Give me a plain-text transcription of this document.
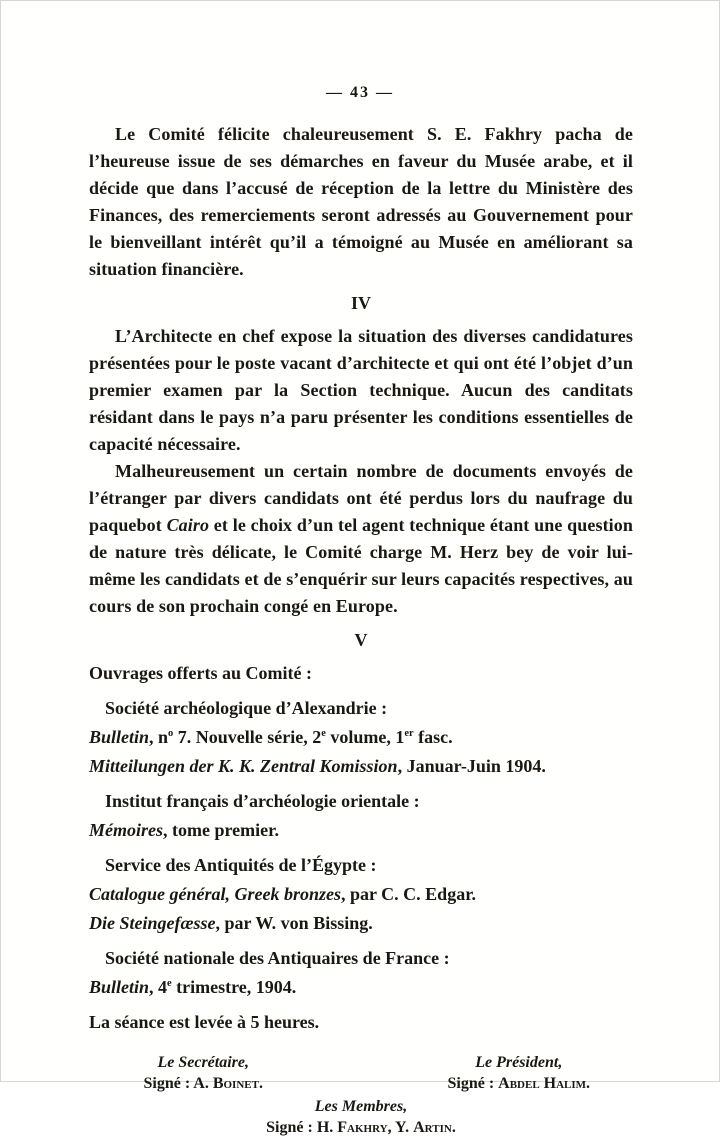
— 43 —

Le Comité félicite chaleureusement S. E. Fakhry pacha de l’heureuse issue de ses démarches en faveur du Musée arabe, et il décide que dans l’accusé de réception de la lettre du Ministère des Finances, des remerciements seront adressés au Gouvernement pour le bienveillant intérêt qu’il a témoigné au Musée en améliorant sa situation financière.

IV

L’Architecte en chef expose la situation des diverses candidatures présentées pour le poste vacant d’architecte et qui ont été l’objet d’un premier examen par la Section technique. Aucun des canditats résidant dans le pays n’a paru présenter les conditions essentielles de capacité nécessaire.

Malheureusement un certain nombre de documents envoyés de l’étranger par divers candidats ont été perdus lors du naufrage du paquebot Cairo et le choix d’un tel agent technique étant une question de nature très délicate, le Comité charge M. Herz bey de voir lui-même les candidats et de s’enquérir sur leurs capacités respectives, au cours de son prochain congé en Europe.

V

Ouvrages offerts au Comité :

Société archéologique d’Alexandrie :

Bulletin, $n^o$ 7. Nouvelle série, 2e volume, 1er fasc.

Mitteilungen der K. K. Zentral Komission, Januar-Juin 1904.

Institut français d’archéologie orientale :

Mémoires, tome premier.

Service des Antiquités de l’Égypte :

Catalogue général, Greek bronzes, par C. C. Edgar.

Die Steingefæsse, par W. von Bissing.

Société nationale des Antiquaires de France :

Bulletin, 4e trimestre, 1904.

La séance est levée à 5 heures.

Le Secrétaire,
Signé : A. Boinet.
Le Président,
Signé : Abdel Halim.
Les Membres,
Signé : H. Fakhry, Y. Artin.
